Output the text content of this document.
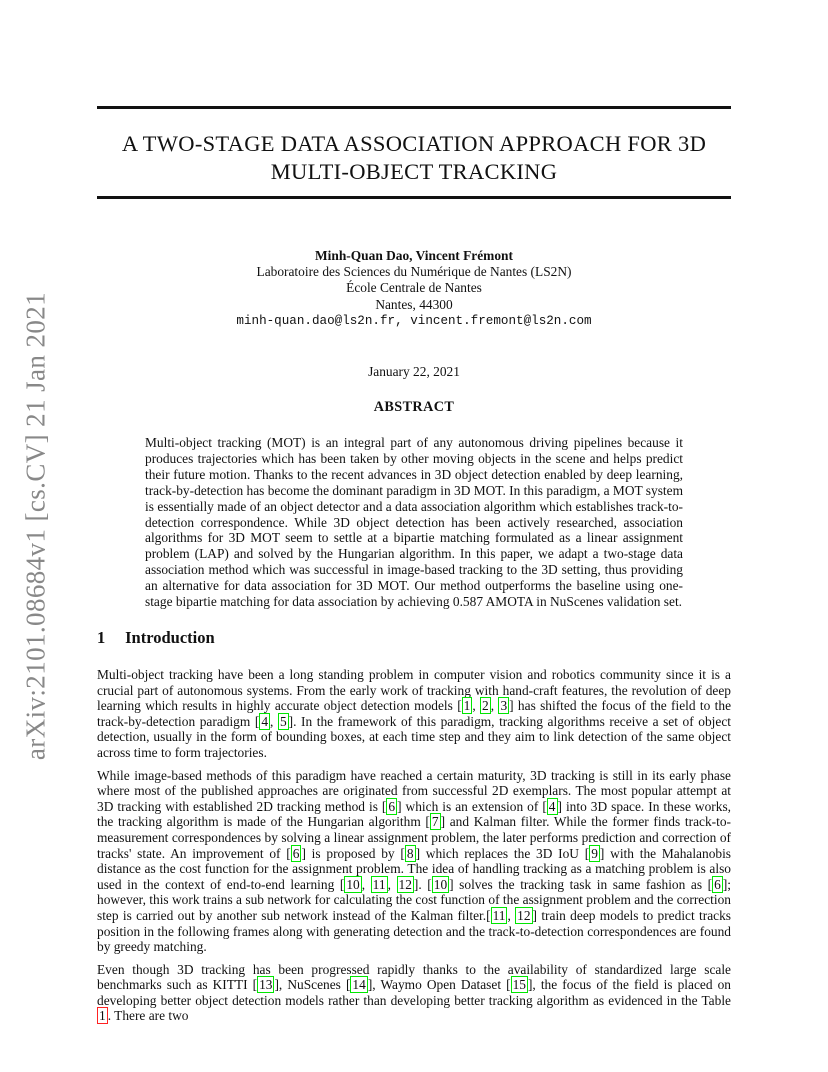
arXiv:2101.08684v1 [cs.CV] 21 Jan 2021
A TWO-STAGE DATA ASSOCIATION APPROACH FOR 3D
MULTI-OBJECT TRACKING
Minh-Quan Dao, Vincent Frémont
Laboratoire des Sciences du Numérique de Nantes (LS2N)
École Centrale de Nantes
Nantes, 44300
minh-quan.dao@ls2n.fr, vincent.fremont@ls2n.com
January 22, 2021
ABSTRACT
Multi-object tracking (MOT) is an integral part of any autonomous driving pipelines because it produces trajectories which has been taken by other moving objects in the scene and helps predict their future motion. Thanks to the recent advances in 3D object detection enabled by deep learning, track-by-detection has become the dominant paradigm in 3D MOT. In this paradigm, a MOT system is essentially made of an object detector and a data association algorithm which establishes track-to-detection correspondence. While 3D object detection has been actively researched, association algorithms for 3D MOT seem to settle at a bipartie matching formulated as a linear assignment problem (LAP) and solved by the Hungarian algorithm. In this paper, we adapt a two-stage data association method which was successful in image-based tracking to the 3D setting, thus providing an alternative for data association for 3D MOT. Our method outperforms the baseline using one-stage bipartie matching for data association by achieving 0.587 AMOTA in NuScenes validation set.
1 Introduction

Multi-object tracking have been a long standing problem in computer vision and robotics community since it is a crucial part of autonomous systems. From the early work of tracking with hand-craft features, the revolution of deep learning which results in highly accurate object detection models [ 1 , 2 , 3 ] has shifted the focus of the field to the track-by-detection paradigm [ 4 , 5 ]. In the framework of this paradigm, tracking algorithms receive a set of object detection, usually in the form of bounding boxes, at each time step and they aim to link detection of the same object across time to form trajectories.

While image-based methods of this paradigm have reached a certain maturity, 3D tracking is still in its early phase where most of the published approaches are originated from successful 2D exemplars. The most popular attempt at 3D tracking with established 2D tracking method is [ 6 ] which is an extension of [ 4 ] into 3D space. In these works, the tracking algorithm is made of the Hungarian algorithm [ 7 ] and Kalman filter. While the former finds track-to-measurement correspondences by solving a linear assignment problem, the later performs prediction and correction of tracks' state. An improvement of [ 6 ] is proposed by [ 8 ] which replaces the 3D IoU [ 9 ] with the Mahalanobis distance as the cost function for the assignment problem. The idea of handling tracking as a matching problem is also used in the context of end-to-end learning [ 10 , 11 , 12 ]. [ 10 ] solves the tracking task in same fashion as [ 6 ]; however, this work trains a sub network for calculating the cost function of the assignment problem and the correction step is carried out by another sub network instead of the Kalman filter.[ 11 , 12 ] train deep models to predict tracks position in the following frames along with generating detection and the track-to-detection correspondences are found by greedy matching.

Even though 3D tracking has been progressed rapidly thanks to the availability of standardized large scale benchmarks such as KITTI [ 13 ], NuScenes [ 14 ], Waymo Open Dataset [ 15 ], the focus of the field is placed on developing better object detection models rather than developing better tracking algorithm as evidenced in the Table 1 . There are two
